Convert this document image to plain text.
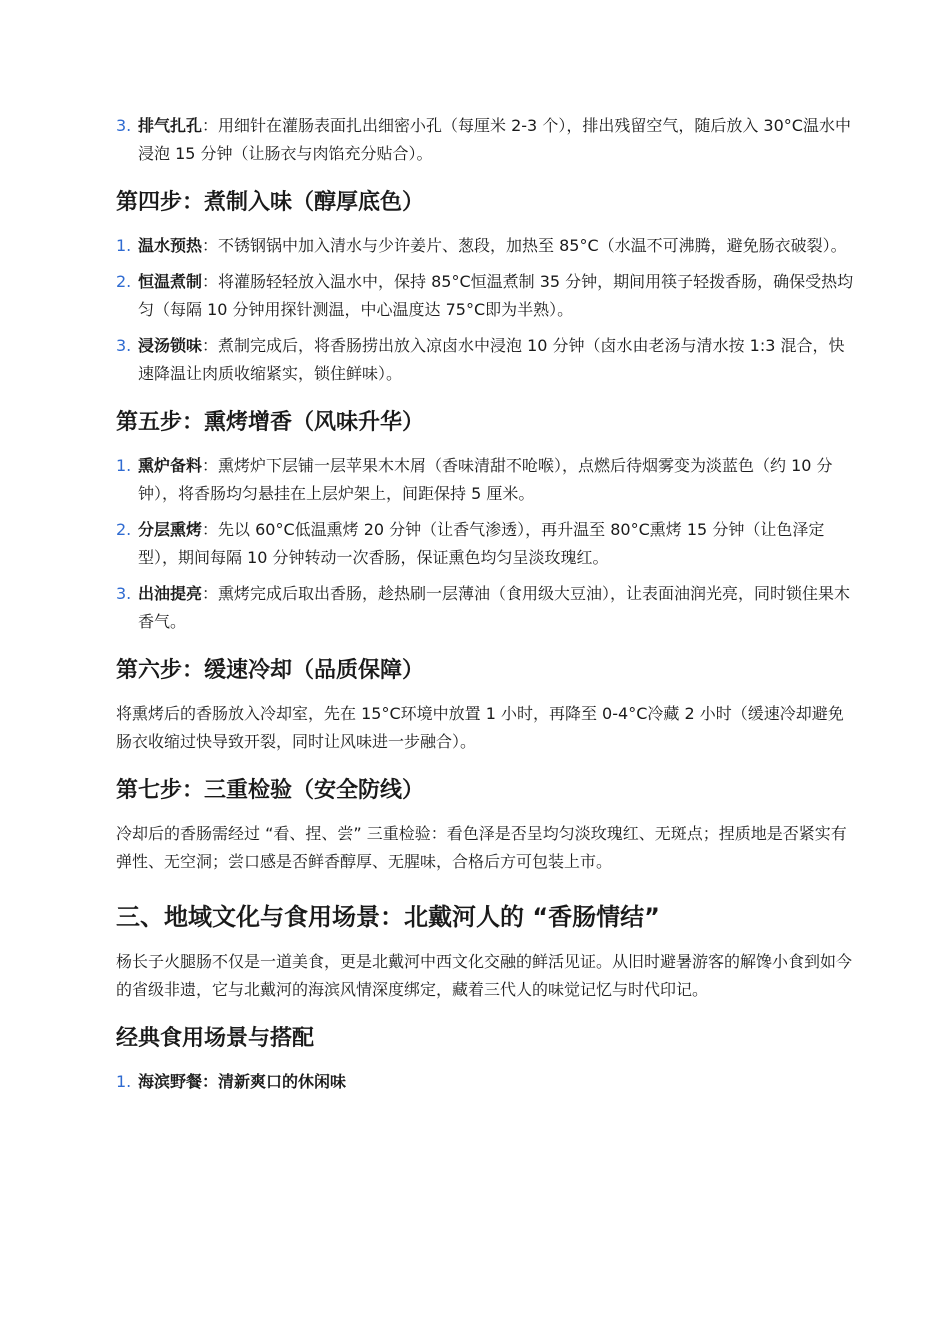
3. 排气扎孔：用细针在灌肠表面扎出细密小孔（每厘米 2-3 个），排出残留空气，随后放入 30°C温水中浸泡 15 分钟（让肠衣与肉馅充分贴合）。
第四步：煮制入味（醇厚底色）
1. 温水预热：不锈钢锅中加入清水与少许姜片、葱段，加热至 85°C（水温不可沸腾，避免肠衣破裂）。
2. 恒温煮制：将灌肠轻轻放入温水中，保持 85°C恒温煮制 35 分钟，期间用筷子轻拨香肠，确保受热均匀（每隔 10 分钟用探针测温，中心温度达 75°C即为半熟）。
3. 浸汤锁味：煮制完成后，将香肠捞出放入凉卤水中浸泡 10 分钟（卤水由老汤与清水按 1:3 混合，快速降温让肉质收缩紧实，锁住鲜味）。
第五步：熏烤增香（风味升华）
1. 熏炉备料：熏烤炉下层铺一层苹果木木屑（香味清甜不呛喉），点燃后待烟雾变为淡蓝色（约 10 分钟），将香肠均匀悬挂在上层炉架上，间距保持 5 厘米。
2. 分层熏烤：先以 60°C低温熏烤 20 分钟（让香气渗透），再升温至 80°C熏烤 15 分钟（让色泽定型），期间每隔 10 分钟转动一次香肠，保证熏色均匀呈淡玫瑰红。
3. 出油提亮：熏烤完成后取出香肠，趁热刷一层薄油（食用级大豆油），让表面油润光亮，同时锁住果木香气。
第六步：缓速冷却（品质保障）

将熏烤后的香肠放入冷却室，先在 15°C环境中放置 1 小时，再降至 0-4°C冷藏 2 小时（缓速冷却避免肠衣收缩过快导致开裂，同时让风味进一步融合）。

第七步：三重检验（安全防线）

冷却后的香肠需经过 “看、捏、尝” 三重检验：看色泽是否呈均匀淡玫瑰红、无斑点；捏质地是否紧实有弹性、无空洞；尝口感是否鲜香醇厚、无腥味，合格后方可包装上市。

三、地域文化与食用场景：北戴河人的 “香肠情结”

杨长子火腿肠不仅是一道美食，更是北戴河中西文化交融的鲜活见证。从旧时避暑游客的解馋小食到如今的省级非遗，它与北戴河的海滨风情深度绑定，藏着三代人的味觉记忆与时代印记。

经典食用场景与搭配
1. 海滨野餐：清新爽口的休闲味
